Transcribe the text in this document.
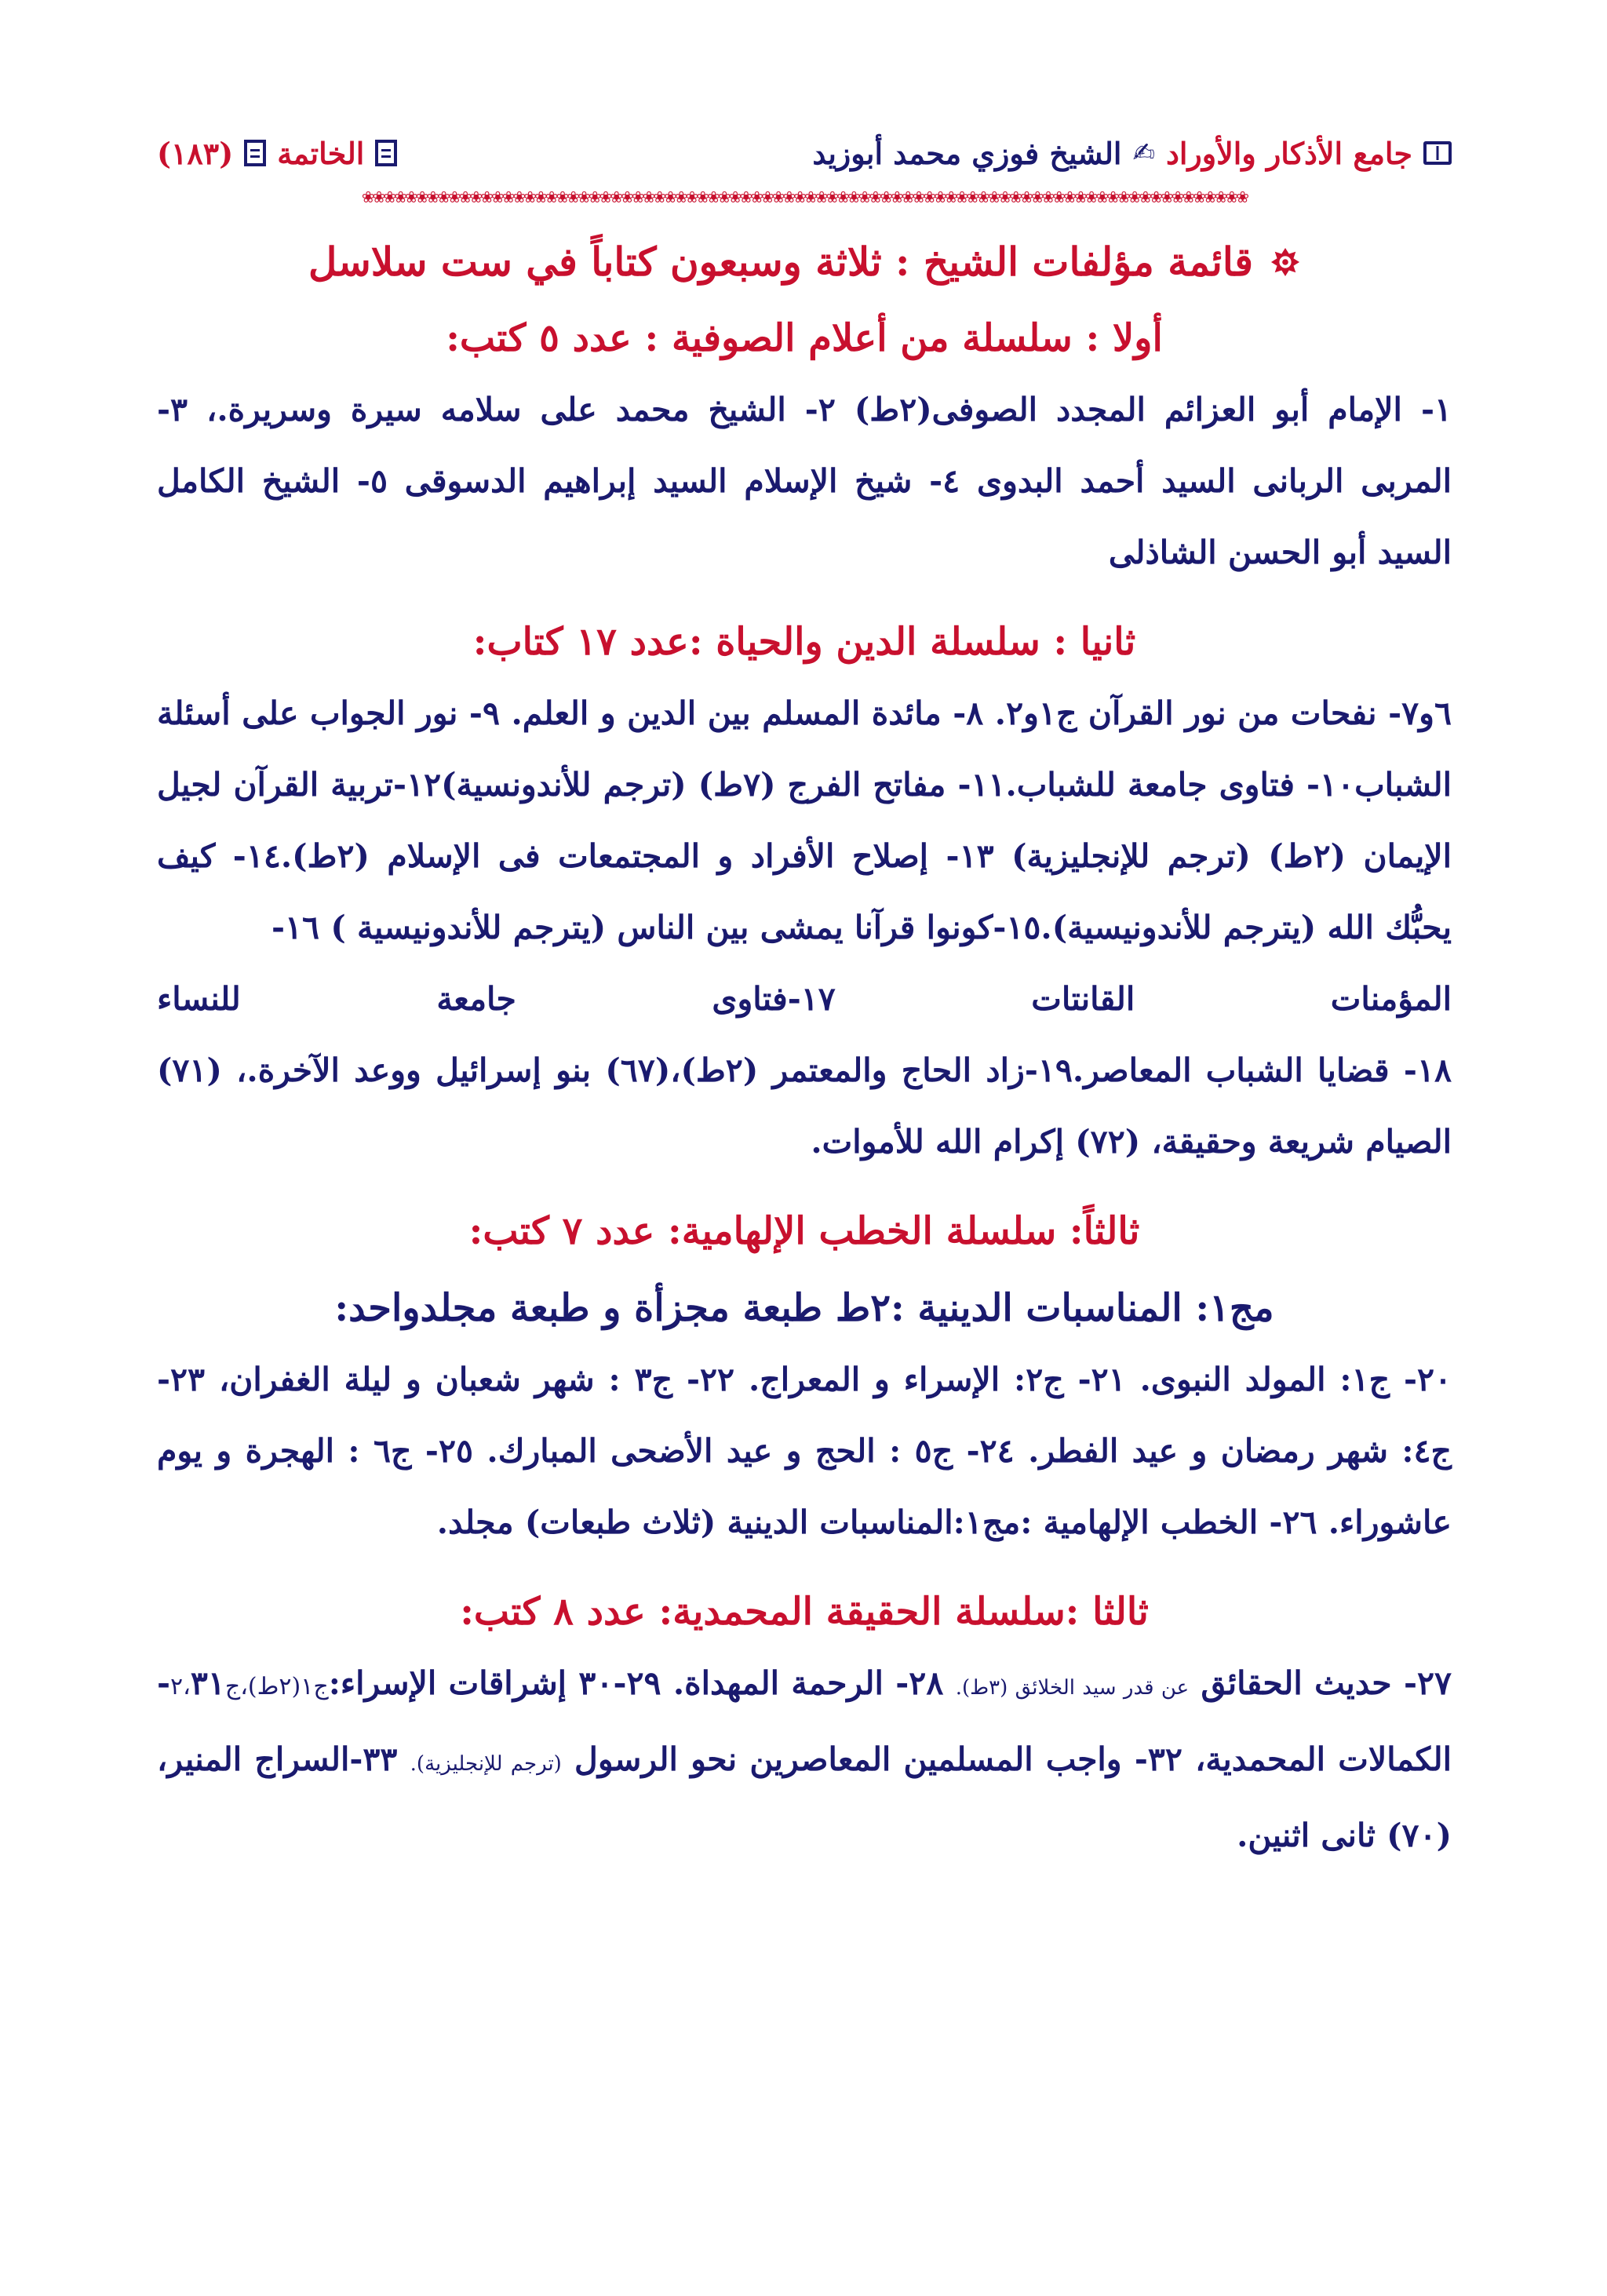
جامع الأذكار والأوراد
✍
الشيخ فوزي محمد أبوزيد
الخاتمة
(١٨٣)
❀❀❀❀❀❀❀❀❀❀❀❀❀❀❀❀❀❀❀❀❀❀❀❀❀❀❀❀❀❀❀❀❀❀❀❀❀❀❀❀❀❀❀❀❀❀❀❀❀❀❀❀❀❀❀❀❀❀❀❀❀❀❀❀❀❀❀❀❀❀❀❀❀❀❀❀❀❀❀❀❀❀
قائمة مؤلفات الشيخ : ثلاثة وسبعون كتاباً في ست سلاسل
أولا : سلسلة من أعلام الصوفية : عدد ٥ كتب:

١- الإمام أبو العزائم المجدد الصوفى(٢ط) ٢- الشيخ محمد على سلامه سيرة وسريرة.، ٣- المربى الربانى السيد أحمد البدوى ٤- شيخ الإسلام السيد إبراهيم الدسوقى ٥- الشيخ الكامل السيد أبو الحسن الشاذلى

ثانيا : سلسلة الدين والحياة :عدد ١٧ كتاب:

٦و٧- نفحات من نور القرآن ج١و٢. ٨- مائدة المسلم بين الدين و العلم. ٩- نور الجواب على أسئلة الشباب١٠- فتاوى جامعة للشباب.١١- مفاتح الفرج (٧ط) (ترجم للأندونسية)١٢-تربية القرآن لجيل الإيمان (٢ط) (ترجم للإنجليزية) ١٣- إصلاح الأفراد و المجتمعات فى الإسلام (٢ط).١٤- كيف يحبُّك الله (يترجم للأندونيسية).١٥-كونوا قرآنا يمشى بين الناس (يترجم للأندونيسية ) ١٦-

المؤمنات
القانتات
١٧-فتاوى
جامعة
للنساء

١٨- قضايا الشباب المعاصر.١٩-زاد الحاج والمعتمر (٢ط)،(٦٧) بنو إسرائيل ووعد الآخرة.، (٧١) الصيام شريعة وحقيقة، (٧٢) إكرام الله للأموات.

ثالثاً: سلسلة الخطب الإلهامية: عدد ٧ كتب:
مج١: المناسبات الدينية :٢ط طبعة مجزأة و طبعة مجلدواحد:

٢٠- ج١: المولد النبوى. ٢١- ج٢: الإسراء و المعراج. ٢٢- ج٣ : شهر شعبان و ليلة الغفران، ٢٣-ج٤: شهر رمضان و عيد الفطر. ٢٤- ج٥ : الحج و عيد الأضحى المبارك. ٢٥- ج٦ : الهجرة و يوم عاشوراء. ٢٦- الخطب الإلهامية :مج١:المناسبات الدينية (ثلاث طبعات) مجلد.

ثالثا :سلسلة الحقيقة المحمدية: عدد ٨ كتب:

٢٧- حديث الحقائق عن قدر سيد الخلائق (٣ط). ٢٨- الرحمة المهداة. ٢٩-٣٠ إشراقات الإسراء:ج١(٢ط)،ج٢،٣١- الكمالات المحمدية، ٣٢- واجب المسلمين المعاصرين نحو الرسول (ترجم للإنجليزية). ٣٣-السراج المنير، (٧٠) ثانى اثنين.
